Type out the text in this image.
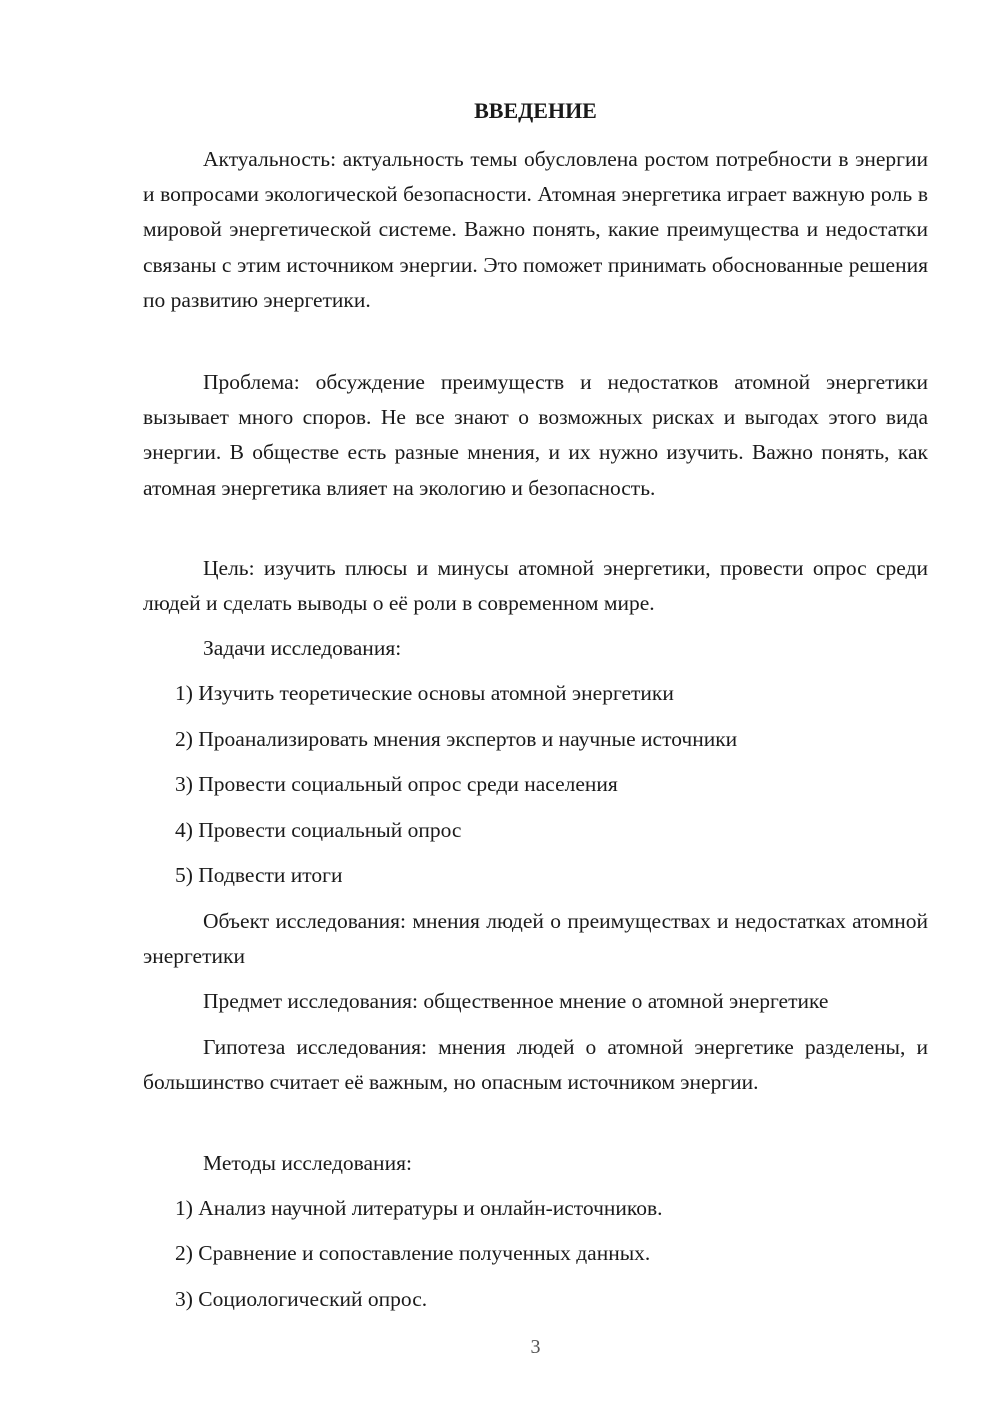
ВВЕДЕНИЕ

Актуальность: актуальность темы обусловлена ростом потребности в энергии и вопросами экологической безопасности. Атомная энергетика играет важную роль в мировой энергетической системе. Важно понять, какие преимущества и недостатки связаны с этим источником энергии. Это поможет принимать обоснованные решения по развитию энергетики.

Проблема: обсуждение преимуществ и недостатков атомной энергетики вызывает много споров. Не все знают о возможных рисках и выгодах этого вида энергии. В обществе есть разные мнения, и их нужно изучить. Важно понять, как атомная энергетика влияет на экологию и безопасность.

Цель: изучить плюсы и минусы атомной энергетики, провести опрос среди людей и сделать выводы о её роли в современном мире.

Задачи исследования:

1) Изучить теоретические основы атомной энергетики

2) Проанализировать мнения экспертов и научные источники

3) Провести социальный опрос среди населения

4) Провести социальный опрос

5) Подвести итоги

Объект исследования: мнения людей о преимуществах и недостатках атомной энергетики

Предмет исследования: общественное мнение о атомной энергетике

Гипотеза исследования: мнения людей о атомной энергетике разделены, и большинство считает её важным, но опасным источником энергии.

Методы исследования:

1) Анализ научной литературы и онлайн-источников.

2) Сравнение и сопоставление полученных данных.

3) Социологический опрос.

3
